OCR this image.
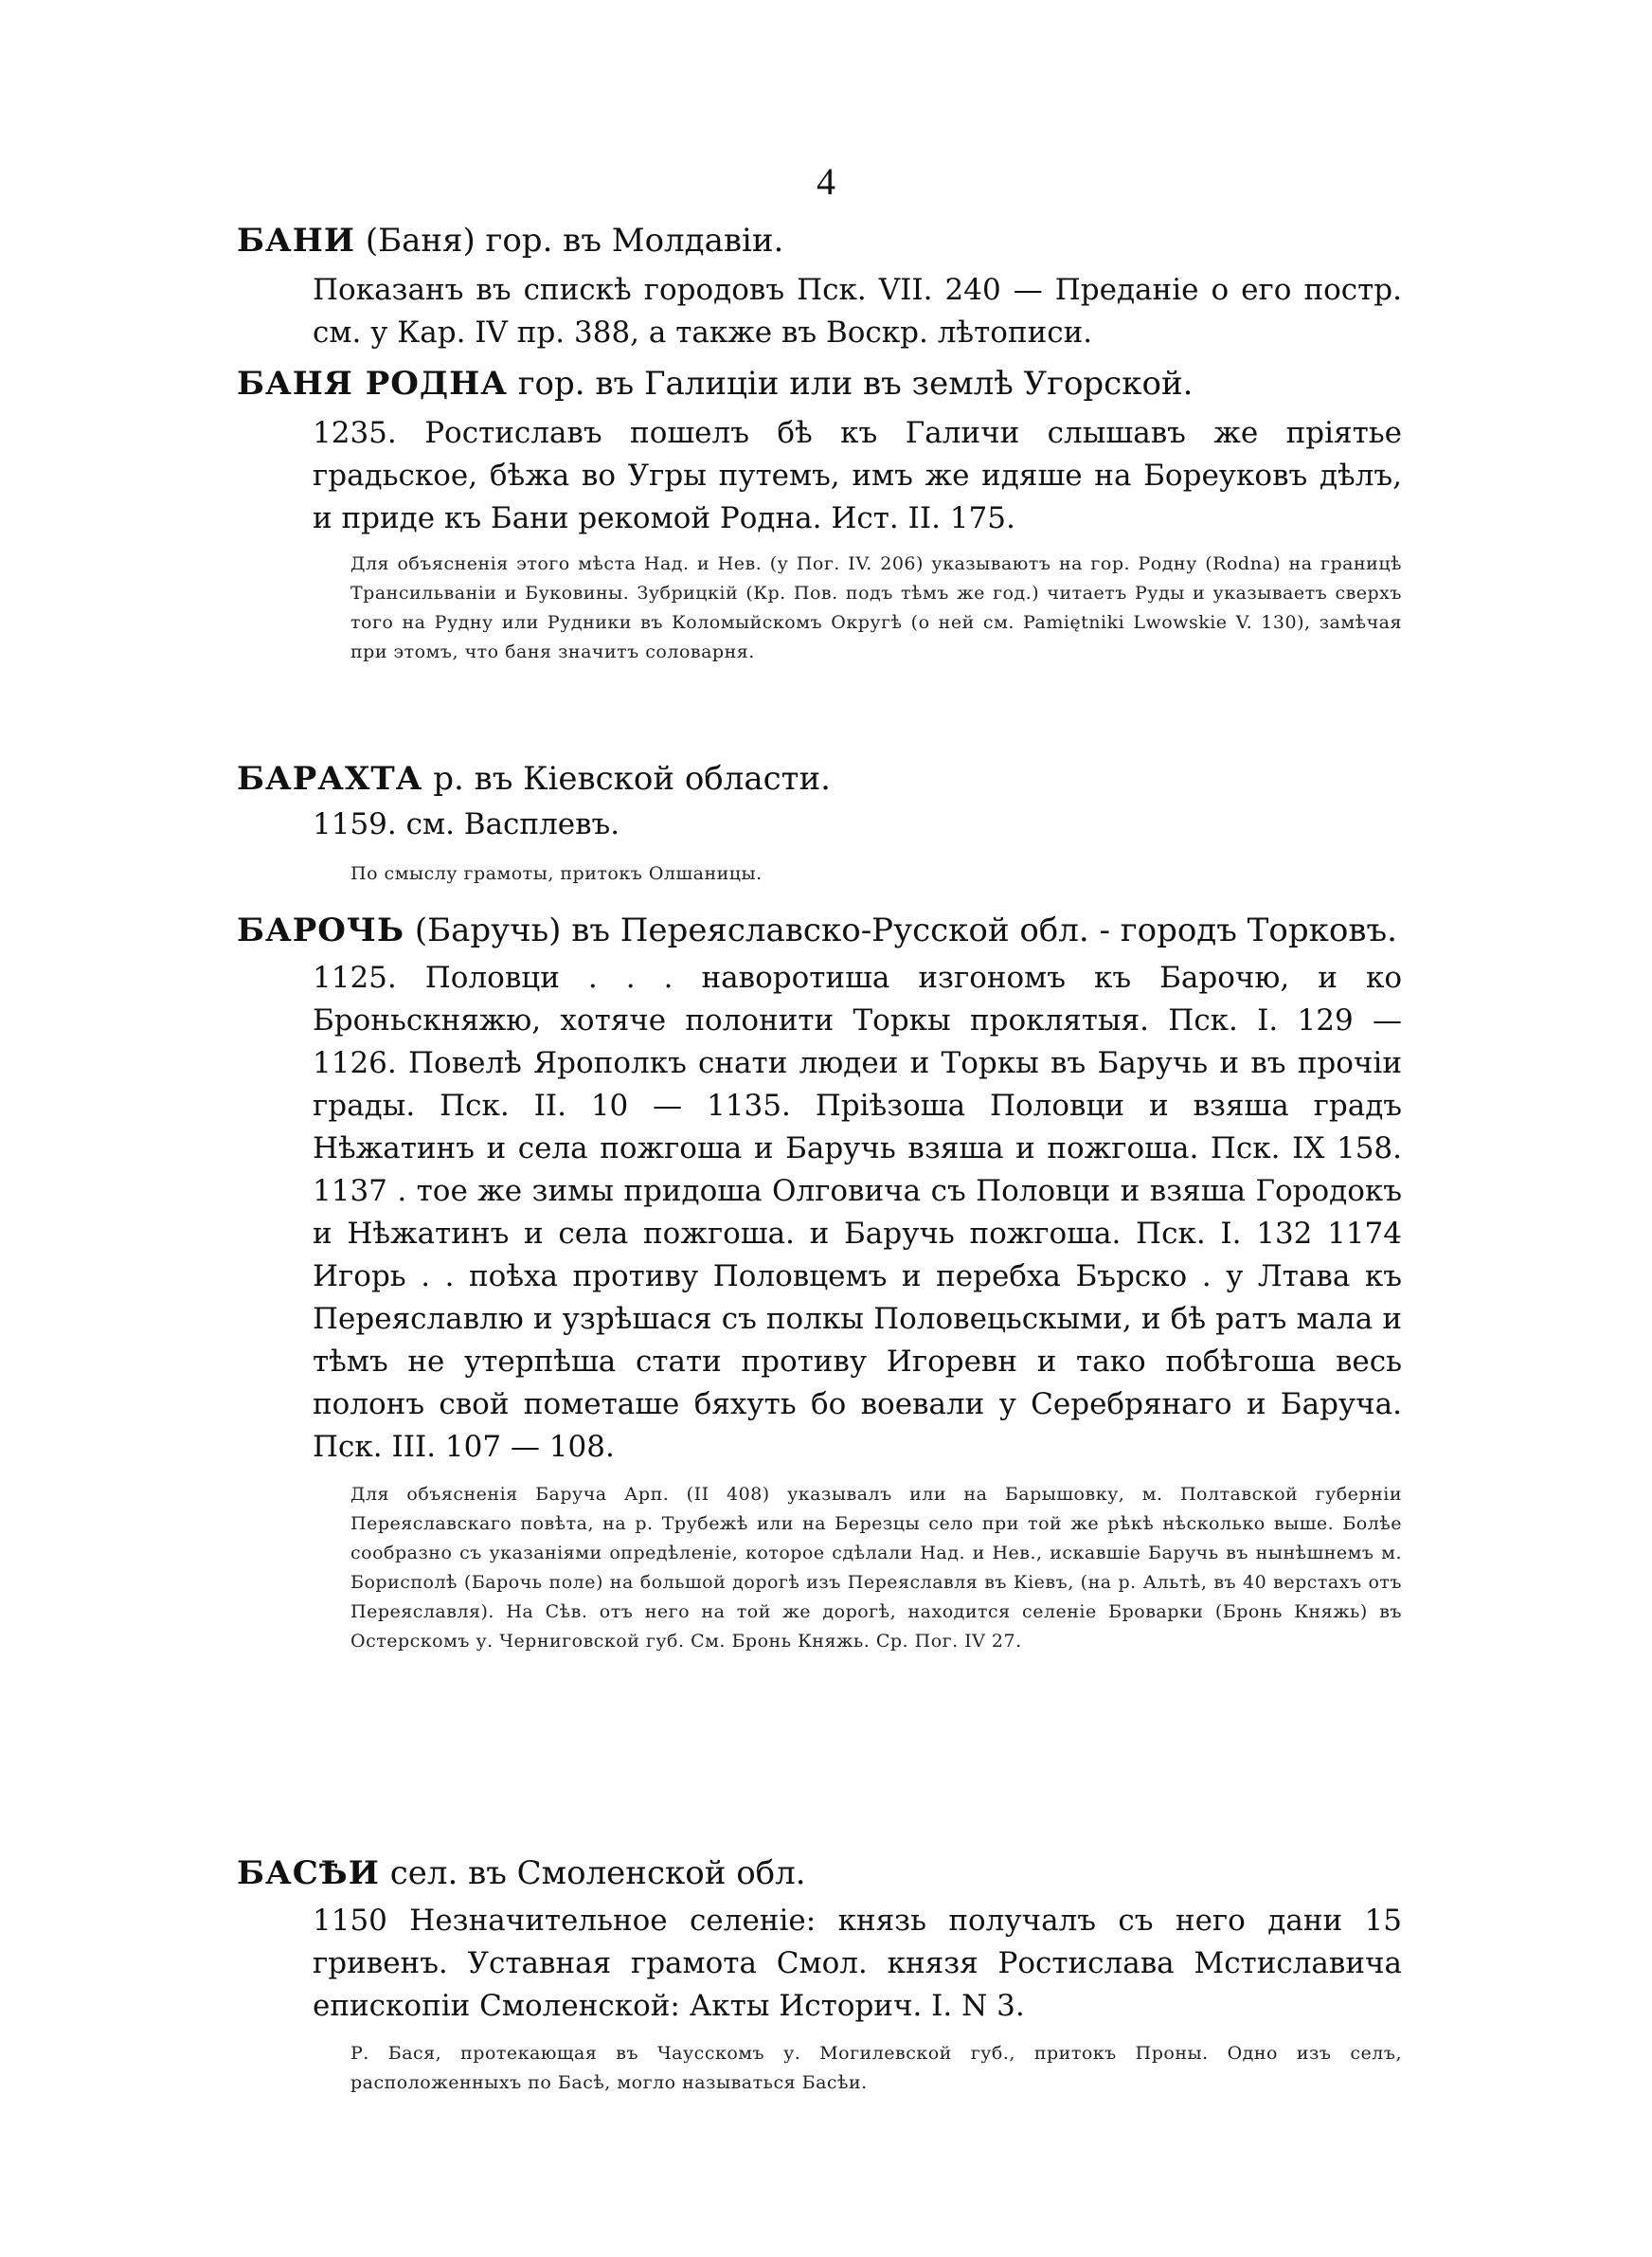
4

БАНИ (Баня) гор. въ Молдавіи.

Показанъ въ спискѣ городовъ Пск. VII. 240 — Преданіе о его постр. см. у Кар. IV пр. 388, а также въ Воскр. лѣтописи.

БАНЯ РОДНА гор. въ Галиціи или въ землѣ Угорской.

1235. Ростиславъ пошелъ бѣ къ Галичи слышавъ же пріятье градьское, бѣжа во Угры путемъ, имъ же идяше на Бореуковъ дѣлъ, и приде къ Бани рекомой Родна. Ист. II. 175.

Для объясненія этого мѣста Над. и Нев. (у Пог. IV. 206) указываютъ на гор. Родну (Rodna) на границѣ Трансильваніи и Буковины. Зубрицкій (Кр. Пов. подъ тѣмъ же год.) читаетъ Руды и указываетъ сверхъ того на Рудну или Рудники въ Коломыйскомъ Округѣ (о ней см. Pamiętniki Lwowskie V. 130), замѣчая при этомъ, что баня значитъ соловарня.

БАРАХТА р. въ Кіевской области.

1159. см. Васплевъ.

По смыслу грамоты, притокъ Олшаницы.

БАРОЧЬ (Баручь) въ Переяславско-Русской обл. - городъ Торковъ.

1125. Половци . . . наворотиша изгономъ къ Барочю, и ко Броньскняжю, хотяче полонити Торкы проклятыя. Пск. I. 129 — 1126. Повелѣ Ярополкъ снати людеи и Торкы въ Баручь и въ прочіи грады. Пск. II. 10 — 1135. Пріѣзоша Половци и взяша градъ Нѣжатинъ и села пожгоша и Баручь взяша и пожгоша. Пск. IX 158. 1137 . тое же зимы придоша Олговича съ Половци и взяша Городокъ и Нѣжатинъ и села пожгоша. и Баручь пожгоша. Пск. I. 132 1174 Игорь . . поѣха противу Половцемъ и перебха Бърско . у Лтава къ Переяславлю и узрѣшася съ полкы Половецьскыми, и бѣ ратъ мала и тѣмъ не утерпѣша стати противу Игоревн и тако побѣгоша весь полонъ свой пометаше бяхуть бо воевали у Серебрянаго и Баруча. Пск. III. 107 — 108.

Для объясненія Баруча Арп. (II 408) указывалъ или на Барышовку, м. Полтавской губерніи Переяславскаго повѣта, на р. Трубежѣ или на Березцы село при той же рѣкѣ нѣсколько выше. Болѣе сообразно съ указаніями опредѣленіе, которое сдѣлали Над. и Нев., искавшіе Баручь въ нынѣшнемъ м. Борисполѣ (Барочь поле) на большой дорогѣ изъ Переяславля въ Кіевъ, (на р. Альтѣ, въ 40 верстахъ отъ Переяславля). На Сѣв. отъ него на той же дорогѣ, находится селеніе Броварки (Бронь Княжь) въ Остерскомъ у. Черниговской губ. См. Бронь Княжь. Ср. Пог. IV 27.

БАСѢИ сел. въ Смоленской обл.

1150 Незначительное селеніе: князь получалъ съ него дани 15 гривенъ. Уставная грамота Смол. князя Ростислава Мстиславича епископіи Смоленской: Акты Историч. I. N 3.

Р. Бася, протекающая въ Чаусскомъ у. Могилевской губ., притокъ Проны. Одно изъ селъ, расположенныхъ по Басѣ, могло называться Басѣи.
